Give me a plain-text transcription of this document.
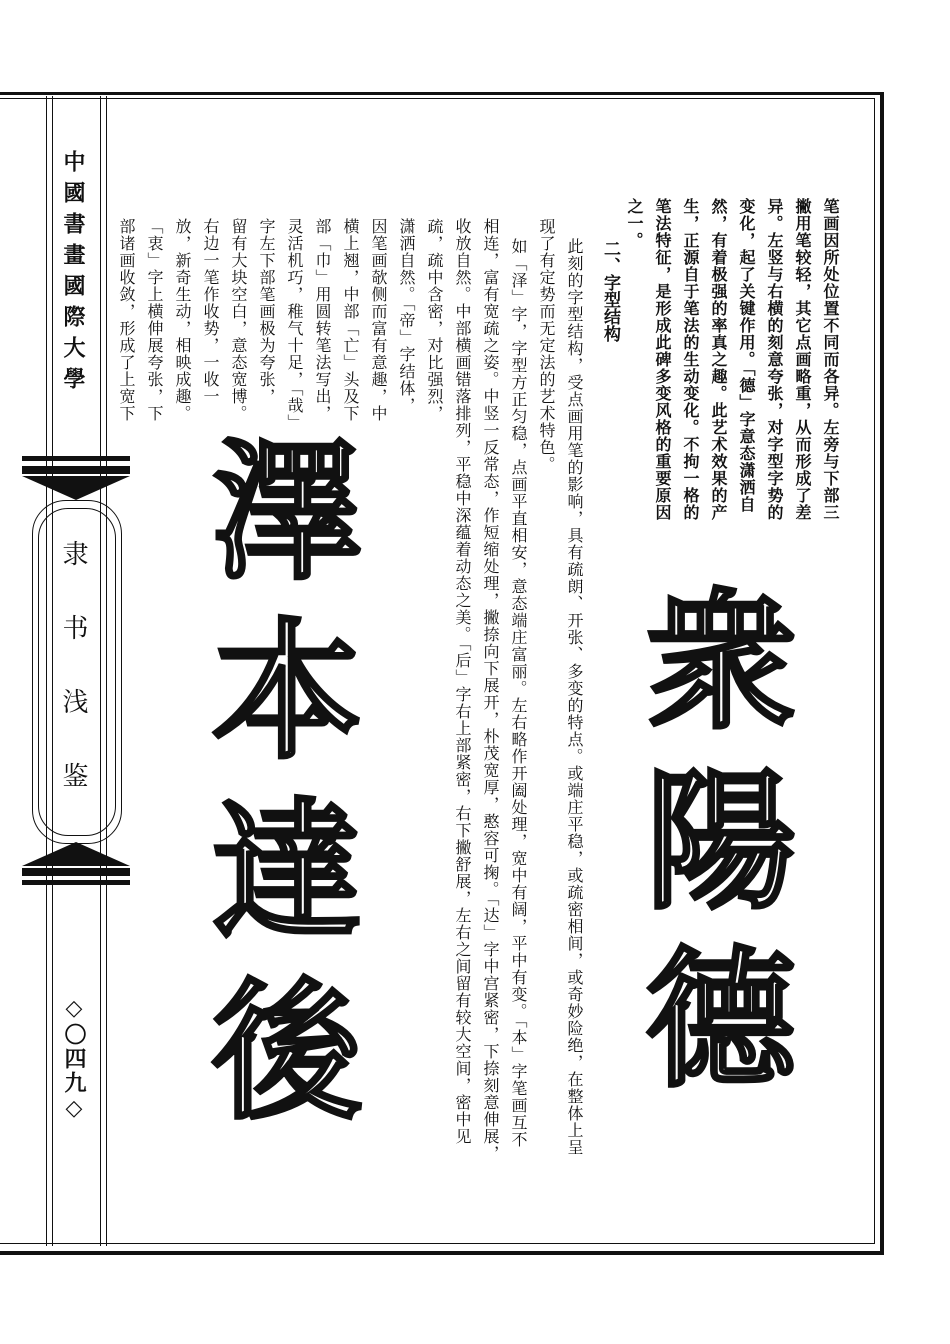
中國書畫國際大學
隶书浅鉴
◇〇四九◇
笔画因所处位置不同而各异。左旁与下部三
撇用笔较轻，其它点画略重，从而形成了差
异。左竖与右横的刻意夸张，对字型字势的
变化，起了关键作用。「德」字意态潇洒自
然，有着极强的率真之趣。此艺术效果的产
生，正源自于笔法的生动变化。不拘一格的
笔法特征，是形成此碑多变风格的重要原因
之一。
二、字型结构
此刻的字型结构，受点画用笔的影响，具有疏朗、开张、多变的特点。或端庄平稳，或疏密相间，或奇妙险绝，在整体上呈
现了有定势而无定法的艺术特色。
如「泽」字，字型方正匀稳，点画平直相安，意态端庄富丽。左右略作开阖处理，宽中有阔，平中有变。「本」字笔画互不
相连，富有宽疏之姿。中竖一反常态，作短缩处理，撇捺向下展开，朴茂宽厚，憨容可掬。「达」字中宫紧密，下捺刻意伸展，
收放自然。中部横画错落排列，平稳中深蕴着动态之美。「后」字右上部紧密，右下撇舒展，左右之间留有较大空间，密中见
疏，疏中含密，对比强烈，
潇洒自然。「帝」字结体，
因笔画欹侧而富有意趣，中
横上翘，中部「亡」头及下
部「巾」用圆转笔法写出，
灵活机巧，稚气十足，「哉」
字左下部笔画极为夸张，
留有大块空白，意态宽博。
右边一笔作收势，一收一
放，新奇生动，相映成趣。
「衷」字上横伸展夸张，下
部诸画收敛，形成了上宽下
衆
陽
德
澤
本
達
後
